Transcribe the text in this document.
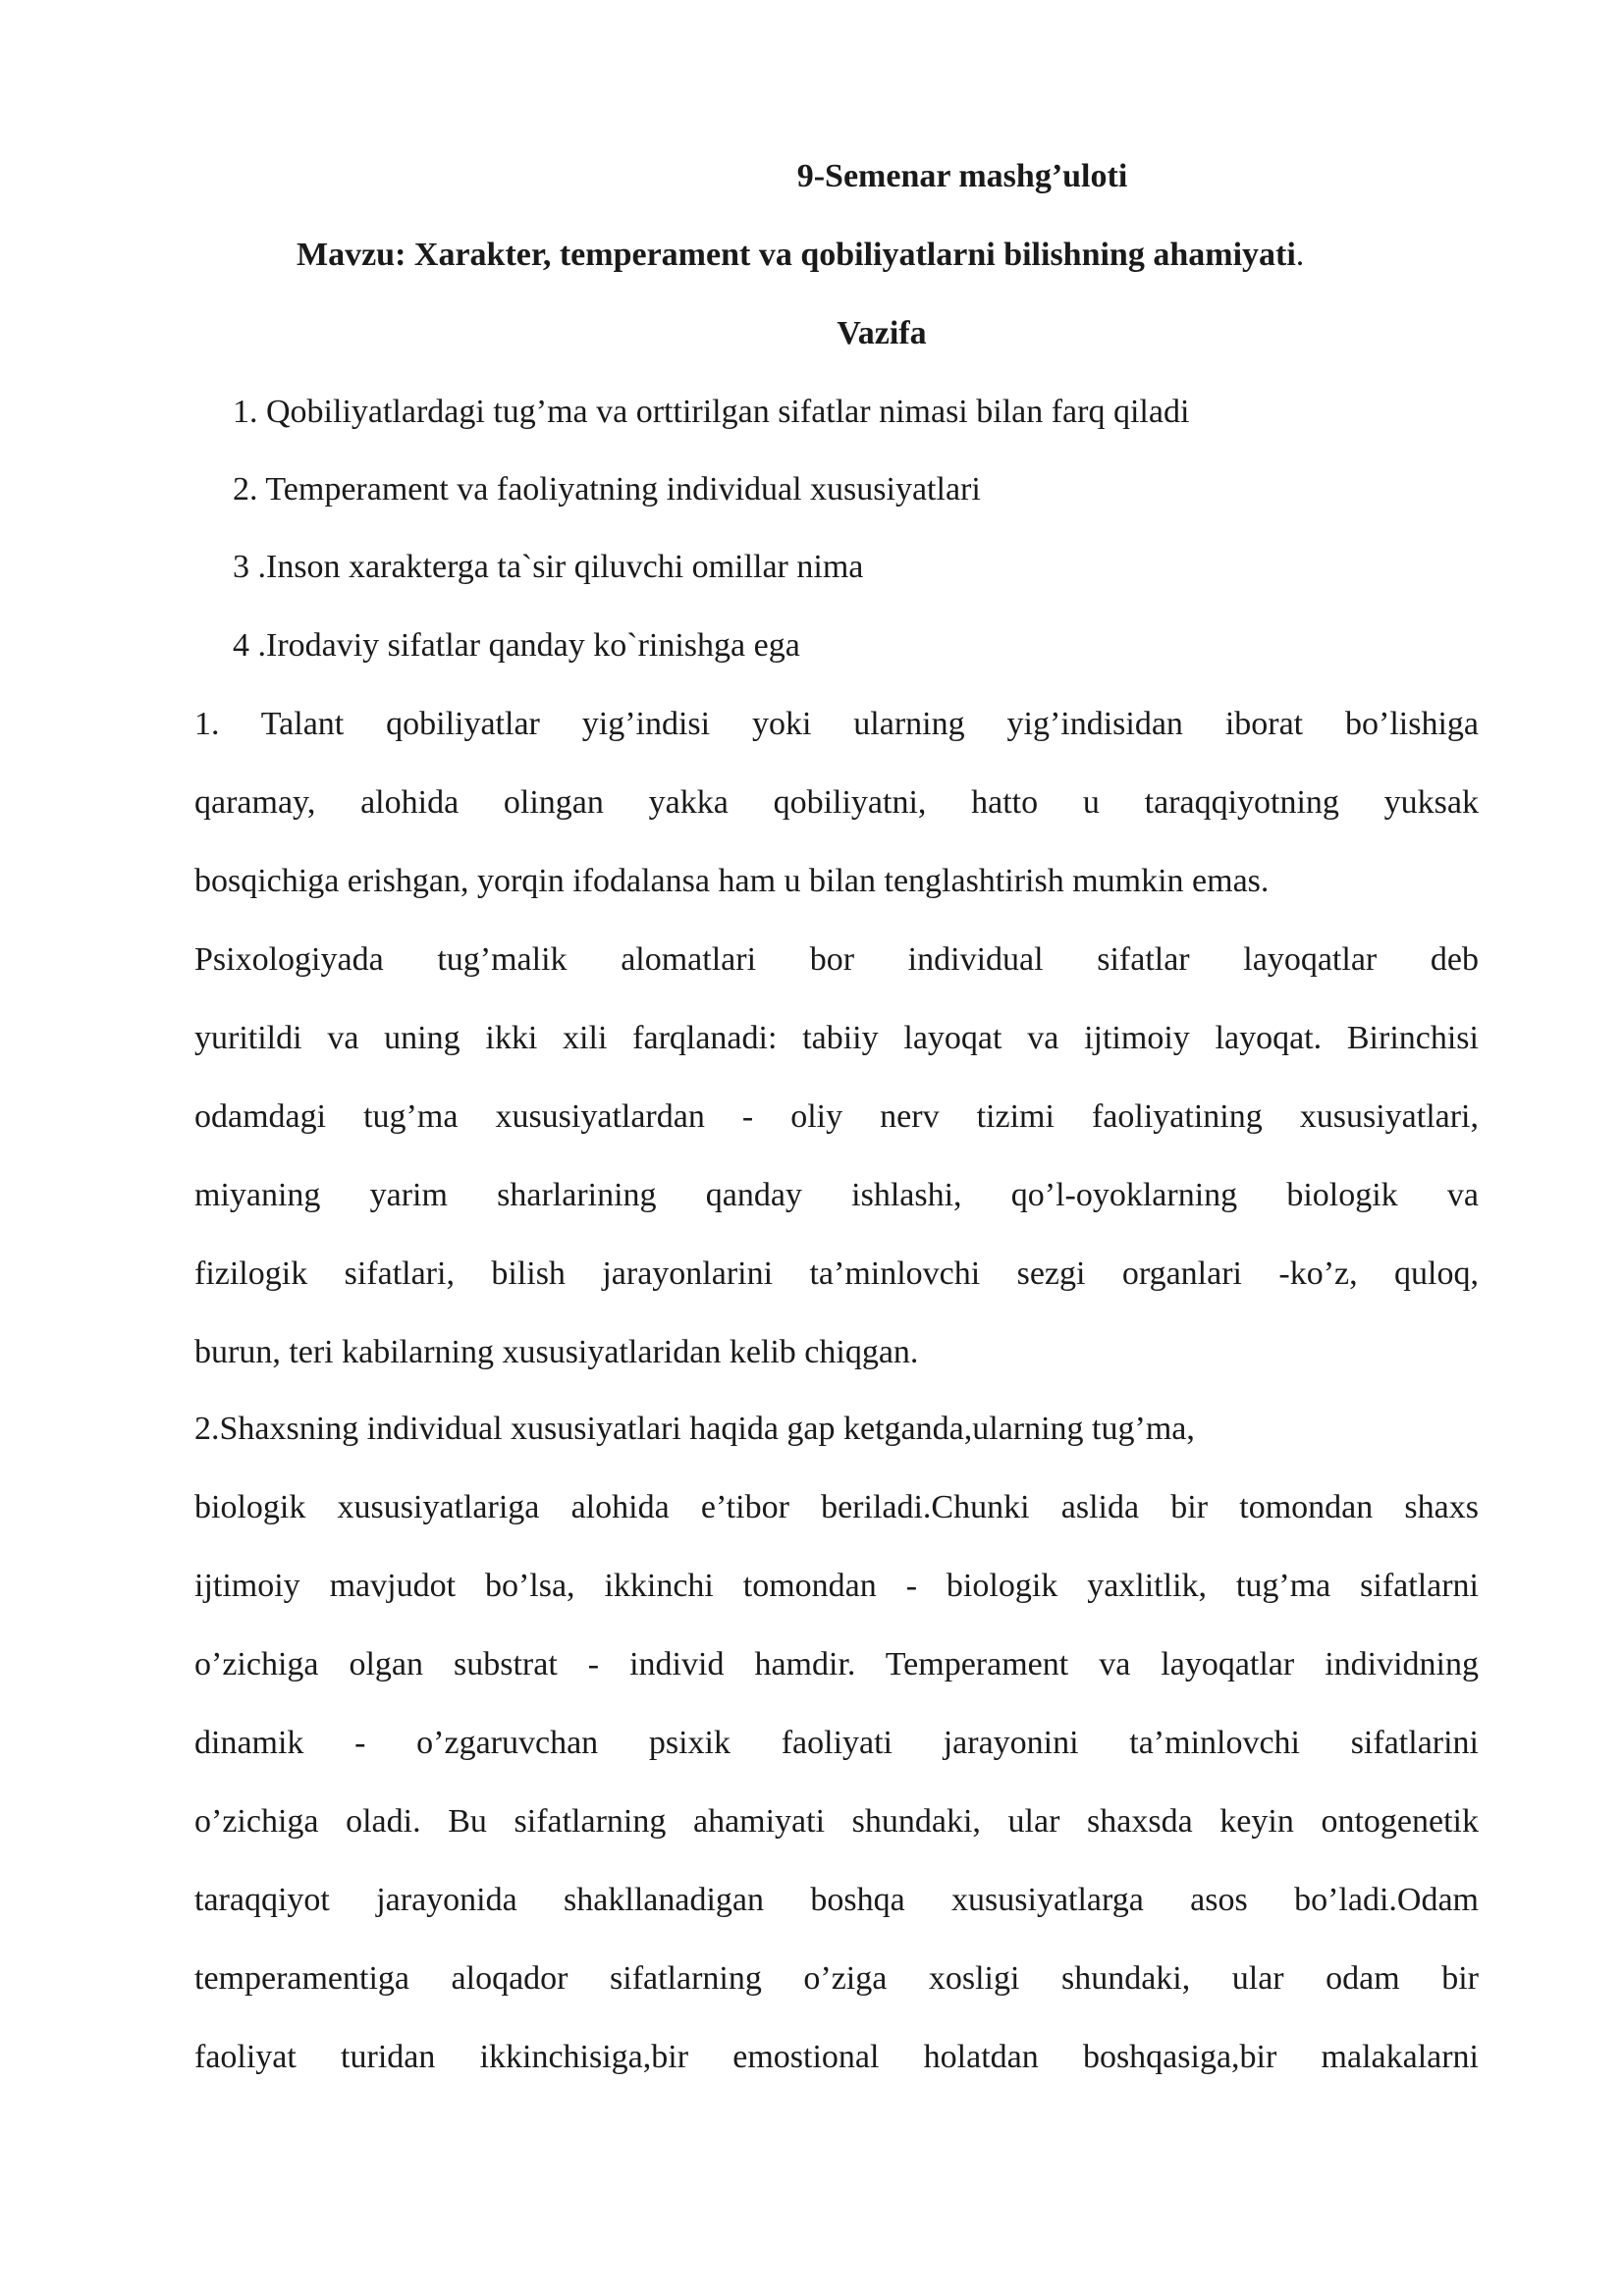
9-Semenar mashg’uloti
Mavzu: Xarakter, temperament va qobiliyatlarni bilishning ahamiyati.
Vazifa
1. Qobiliyatlardagi tug’ma va orttirilgan sifatlar nimasi bilan farq qiladi
2. Temperament va faoliyatning individual xususiyatlari
3 .Inson xarakterga ta`sir qiluvchi omillar nima
4 .Irodaviy sifatlar qanday ko`rinishga ega
1. Talant qobiliyatlar yig’indisi yoki ularning yig’indisidan iborat bo’lishiga
qaramay, alohida olingan yakka qobiliyatni, hatto u taraqqiyotning yuksak
bosqichiga erishgan, yorqin ifodalansa ham u bilan tenglashtirish mumkin emas.
Psixologiyada tug’malik alomatlari bor individual sifatlar layoqatlar deb
yuritildi va uning ikki xili farqlanadi: tabiiy layoqat va ijtimoiy layoqat. Birinchisi
odamdagi tug’ma xususiyatlardan - oliy nerv tizimi faoliyatining xususiyatlari,
miyaning yarim sharlarining qanday ishlashi, qo’l-oyoklarning biologik va
fizilogik sifatlari, bilish jarayonlarini ta’minlovchi sezgi organlari -ko’z, quloq,
burun, teri kabilarning xususiyatlaridan kelib chiqgan.
2.Shaxsning individual xususiyatlari haqida gap ketganda,ularning tug’ma,
biologik xususiyatlariga alohida e’tibor beriladi.Chunki aslida bir tomondan shaxs
ijtimoiy mavjudot bo’lsa, ikkinchi tomondan - biologik yaxlitlik, tug’ma sifatlarni
o’zichiga olgan substrat - individ hamdir. Temperament va layoqatlar individning
dinamik - o’zgaruvchan psixik faoliyati jarayonini ta’minlovchi sifatlarini
o’zichiga oladi. Bu sifatlarning ahamiyati shundaki, ular shaxsda keyin ontogenetik
taraqqiyot jarayonida shakllanadigan boshqa xususiyatlarga asos bo’ladi.Odam
temperamentiga aloqador sifatlarning o’ziga xosligi shundaki, ular odam bir
faoliyat turidan ikkinchisiga,bir emostional holatdan boshqasiga,bir malakalarni
